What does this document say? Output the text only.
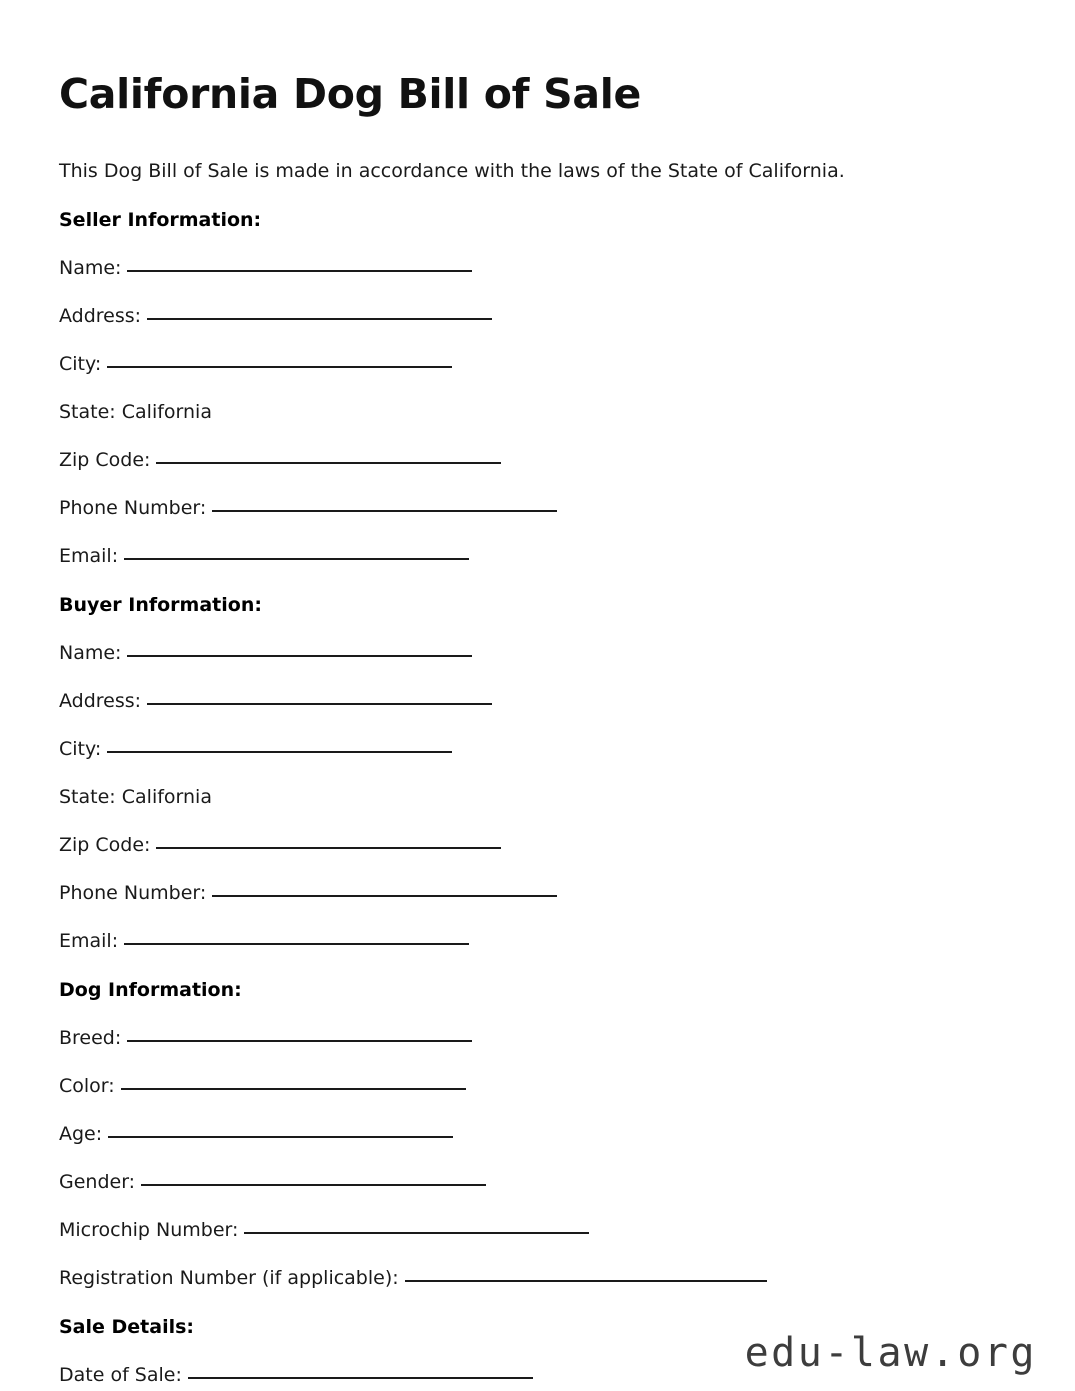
California Dog Bill of Sale

This Dog Bill of Sale is made in accordance with the laws of the State of California.

Seller Information:
Name:
Address:
City:
State: California
Zip Code:
Phone Number:
Email:
Buyer Information:
Name:
Address:
City:
State: California
Zip Code:
Phone Number:
Email:
Dog Information:
Breed:
Color:
Age:
Gender:
Microchip Number:
Registration Number (if applicable):
Sale Details:
Date of Sale:	edu-law.org
